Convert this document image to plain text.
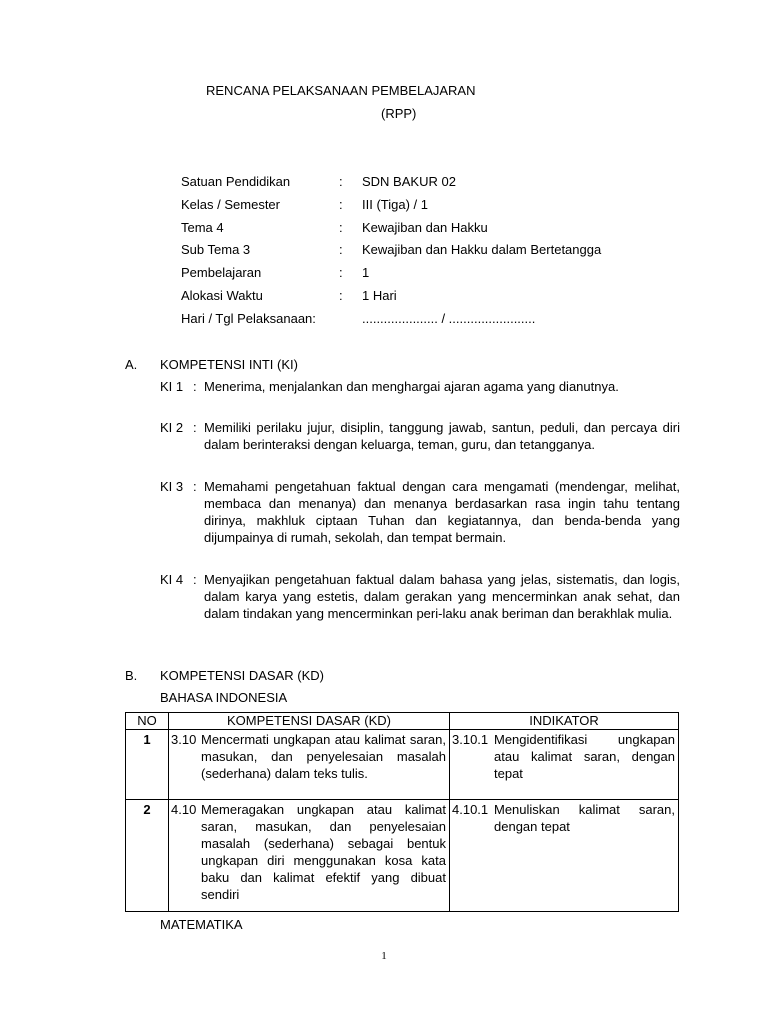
RENCANA PELAKSANAAN PEMBELAJARAN
(RPP)
Satuan Pendidikan	: SDN BAKUR 02
Kelas / Semester	: III (Tiga) / 1
Tema 4	: Kewajiban dan Hakku
Sub Tema 3	: Kewajiban dan Hakku dalam Bertetangga
Pembelajaran	: 1
Alokasi Waktu	: 1 Hari
Hari / Tgl Pelaksanaan:	..................... / ........................
A. KOMPETENSI INTI (KI)
KI 1 : Menerima, menjalankan dan menghargai ajaran agama yang dianutnya.
KI 2 : Memiliki perilaku jujur, disiplin, tanggung jawab, santun, peduli, dan percaya diri dalam berinteraksi dengan keluarga, teman, guru, dan tetangganya.
KI 3 : Memahami pengetahuan faktual dengan cara mengamati (mendengar, melihat, membaca dan menanya) dan menanya berdasarkan rasa ingin tahu tentang dirinya, makhluk ciptaan Tuhan dan kegiatannya, dan benda-benda yang dijumpainya di rumah, sekolah, dan tempat bermain.
KI 4 : Menyajikan pengetahuan faktual dalam bahasa yang jelas, sistematis, dan logis, dalam karya yang estetis, dalam gerakan yang mencerminkan anak sehat, dan dalam tindakan yang mencerminkan peri-laku anak beriman dan berakhlak mulia.
B. KOMPETENSI DASAR (KD)
BAHASA INDONESIA
NO	KOMPETENSI DASAR (KD)	INDIKATOR
1	3.10 Mencermati ungkapan atau kalimat saran, masukan, dan penyelesaian masalah (sederhana) dalam teks tulis.	3.10.1 Mengidentifikasi ungkapan atau kalimat saran, dengan tepat

2	4.10 Memeragakan ungkapan atau kalimat saran, masukan, dan penyelesaian masalah (sederhana) sebagai bentuk ungkapan diri menggunakan kosa kata baku dan kalimat efektif yang dibuat sendiri	4.10.1 Menuliskan kalimat saran, dengan tepat
MATEMATIKA
1
